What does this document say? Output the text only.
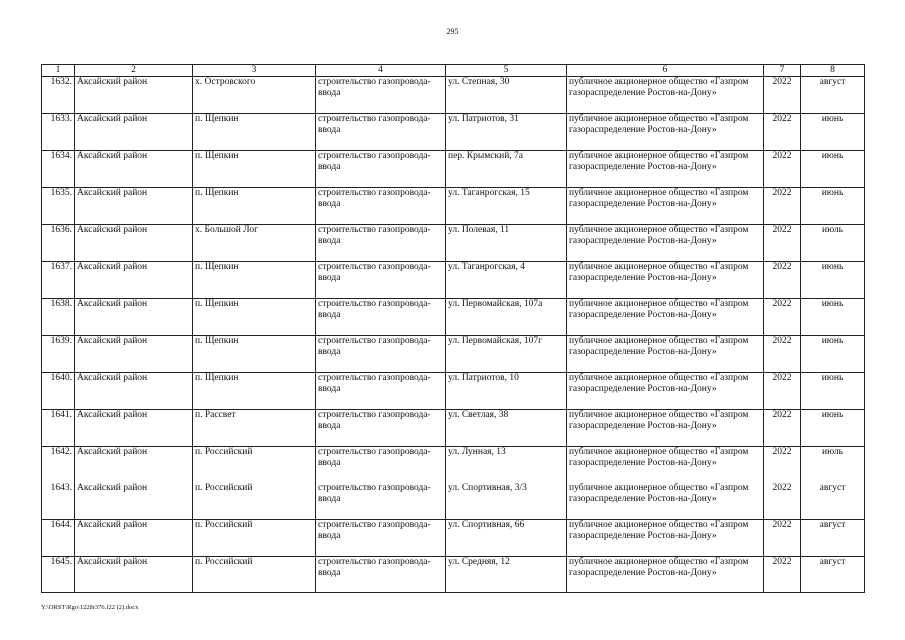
295
1	2	3	4	5	6	7	8
1632.	Аксайский район	х. Островского	строительство газопровода-ввода	ул. Степная, 30	публичное акционерное общество «Газпром газораспределение Ростов-на-Дону»	2022	август
1633.	Аксайский район	п. Щепкин	строительство газопровода-ввода	ул. Патриотов, 31	публичное акционерное общество «Газпром газораспределение Ростов-на-Дону»	2022	июнь
1634.	Аксайский район	п. Щепкин	строительство газопровода-ввода	пер. Крымский, 7а	публичное акционерное общество «Газпром газораспределение Ростов-на-Дону»	2022	июнь
1635.	Аксайский район	п. Щепкин	строительство газопровода-ввода	ул. Таганрогская, 15	публичное акционерное общество «Газпром газораспределение Ростов-на-Дону»	2022	июнь
1636.	Аксайский район	х. Большой Лог	строительство газопровода-ввода	ул. Полевая, 11	публичное акционерное общество «Газпром газораспределение Ростов-на-Дону»	2022	июль
1637.	Аксайский район	п. Щепкин	строительство газопровода-ввода	ул. Таганрогская, 4	публичное акционерное общество «Газпром газораспределение Ростов-на-Дону»	2022	июнь
1638.	Аксайский район	п. Щепкин	строительство газопровода-ввода	ул. Первомайская, 107а	публичное акционерное общество «Газпром газораспределение Ростов-на-Дону»	2022	июнь
1639.	Аксайский район	п. Щепкин	строительство газопровода-ввода	ул. Первомайская, 107г	публичное акционерное общество «Газпром газораспределение Ростов-на-Дону»	2022	июнь
1640.	Аксайский район	п. Щепкин	строительство газопровода-ввода	ул. Патриотов, 10	публичное акционерное общество «Газпром газораспределение Ростов-на-Дону»	2022	июнь
1641.	Аксайский район	п. Рассвет	строительство газопровода-ввода	ул. Светлая, 38	публичное акционерное общество «Газпром газораспределение Ростов-на-Дону»	2022	июнь
1642.	Аксайский район	п. Российский	строительство газопровода-ввода	ул. Лунная, 13	публичное акционерное общество «Газпром газораспределение Ростов-на-Дону»	2022	июль
1643.	Аксайский район	п. Российский	строительство газопровода-ввода	ул. Спортивная, 3/3	публичное акционерное общество «Газпром газораспределение Ростов-на-Дону»	2022	август
1644.	Аксайский район	п. Российский	строительство газопровода-ввода	ул. Спортивная, 66	публичное акционерное общество «Газпром газораспределение Ростов-на-Дону»	2022	август
1645.	Аксайский район	п. Российский	строительство газопровода-ввода	ул. Средняя, 12	публичное акционерное общество «Газпром газораспределение Ростов-на-Дону»	2022	август
Y:\ORST\Rgo\1228r376.f22 (2).docx
